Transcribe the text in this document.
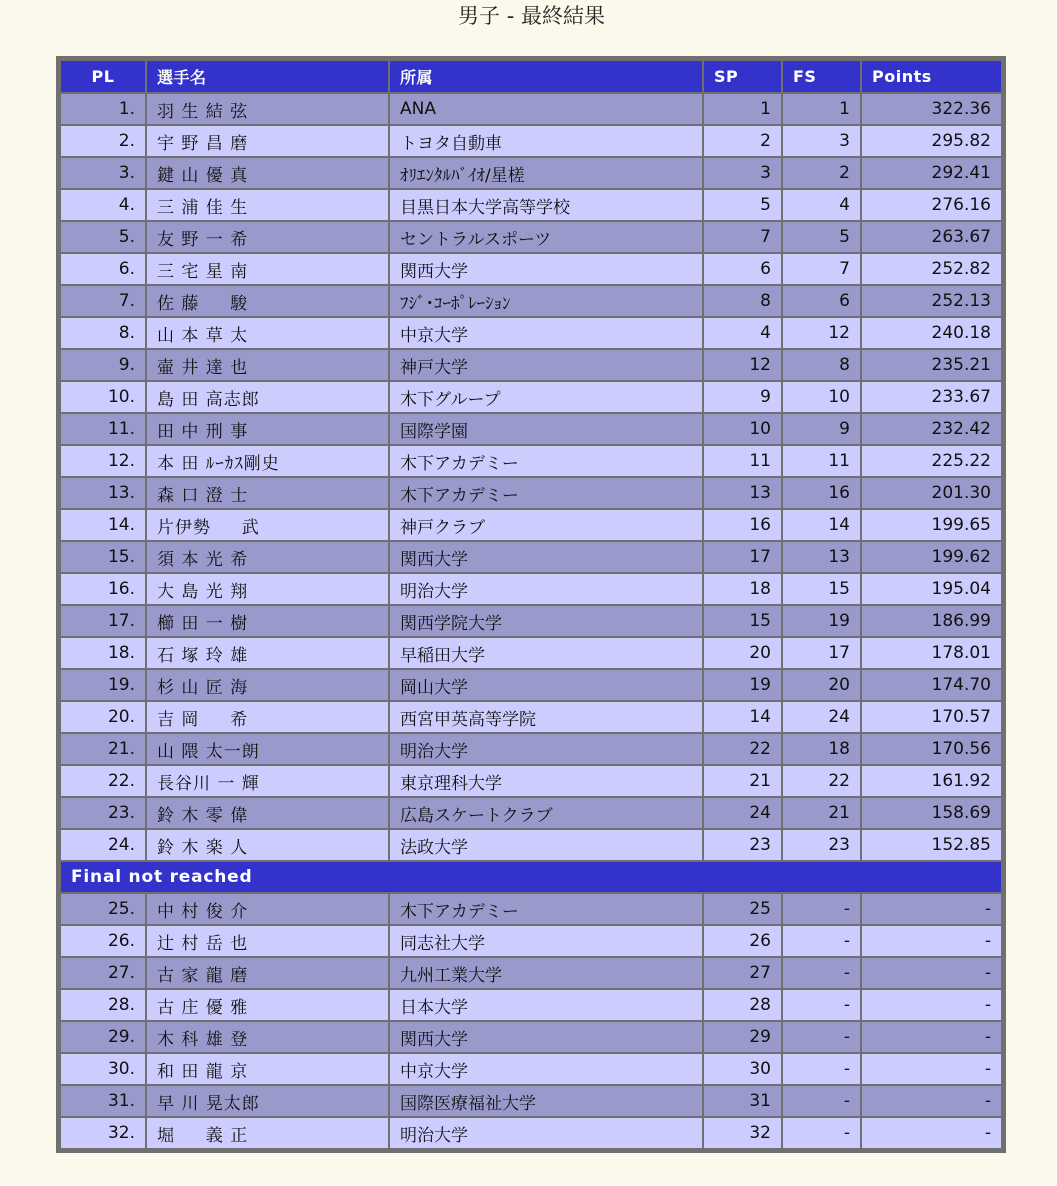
男子 - 最終結果
PL	選手名	所属	SP	FS	Points
1.	羽 生 結 弦	ANA	1	1	322.36
2.	宇 野 昌 磨	トヨタ自動車	2	3	295.82
3.	鍵 山 優 真	ｵﾘｴﾝﾀﾙﾊﾞｲｵ/星槎	3	2	292.41
4.	三 浦 佳 生	目黒日本大学高等学校	5	4	276.16
5.	友 野 一 希	セントラルスポーツ	7	5	263.67
6.	三 宅 星 南	関西大学	6	7	252.82
7.	佐 藤 　 駿	ﾌｼﾞ･ｺｰﾎﾟﾚｰｼｮﾝ	8	6	252.13
8.	山 本 草 太	中京大学	4	12	240.18
9.	壷 井 達 也	神戸大学	12	8	235.21
10.	島 田 高志郎	木下グループ	9	10	233.67
11.	田 中 刑 事	国際学園	10	9	232.42
12.	本 田 ﾙｰｶｽ剛史	木下アカデミー	11	11	225.22
13.	森 口 澄 士	木下アカデミー	13	16	201.30
14.	片伊勢 　 武	神戸クラブ	16	14	199.65
15.	須 本 光 希	関西大学	17	13	199.62
16.	大 島 光 翔	明治大学	18	15	195.04
17.	櫛 田 一 樹	関西学院大学	15	19	186.99
18.	石 塚 玲 雄	早稲田大学	20	17	178.01
19.	杉 山 匠 海	岡山大学	19	20	174.70
20.	吉 岡 　 希	西宮甲英高等学院	14	24	170.57
21.	山 隈 太一朗	明治大学	22	18	170.56
22.	長谷川 一 輝	東京理科大学	21	22	161.92
23.	鈴 木 零 偉	広島スケートクラブ	24	21	158.69
24.	鈴 木 楽 人	法政大学	23	23	152.85
Final not reached					
25.	中 村 俊 介	木下アカデミー	25	-	-
26.	辻 村 岳 也	同志社大学	26	-	-
27.	古 家 龍 磨	九州工業大学	27	-	-
28.	古 庄 優 雅	日本大学	28	-	-
29.	木 科 雄 登	関西大学	29	-	-
30.	和 田 龍 京	中京大学	30	-	-
31.	早 川 晃太郎	国際医療福祉大学	31	-	-
32.	堀 　 義 正	明治大学	32	-	-
